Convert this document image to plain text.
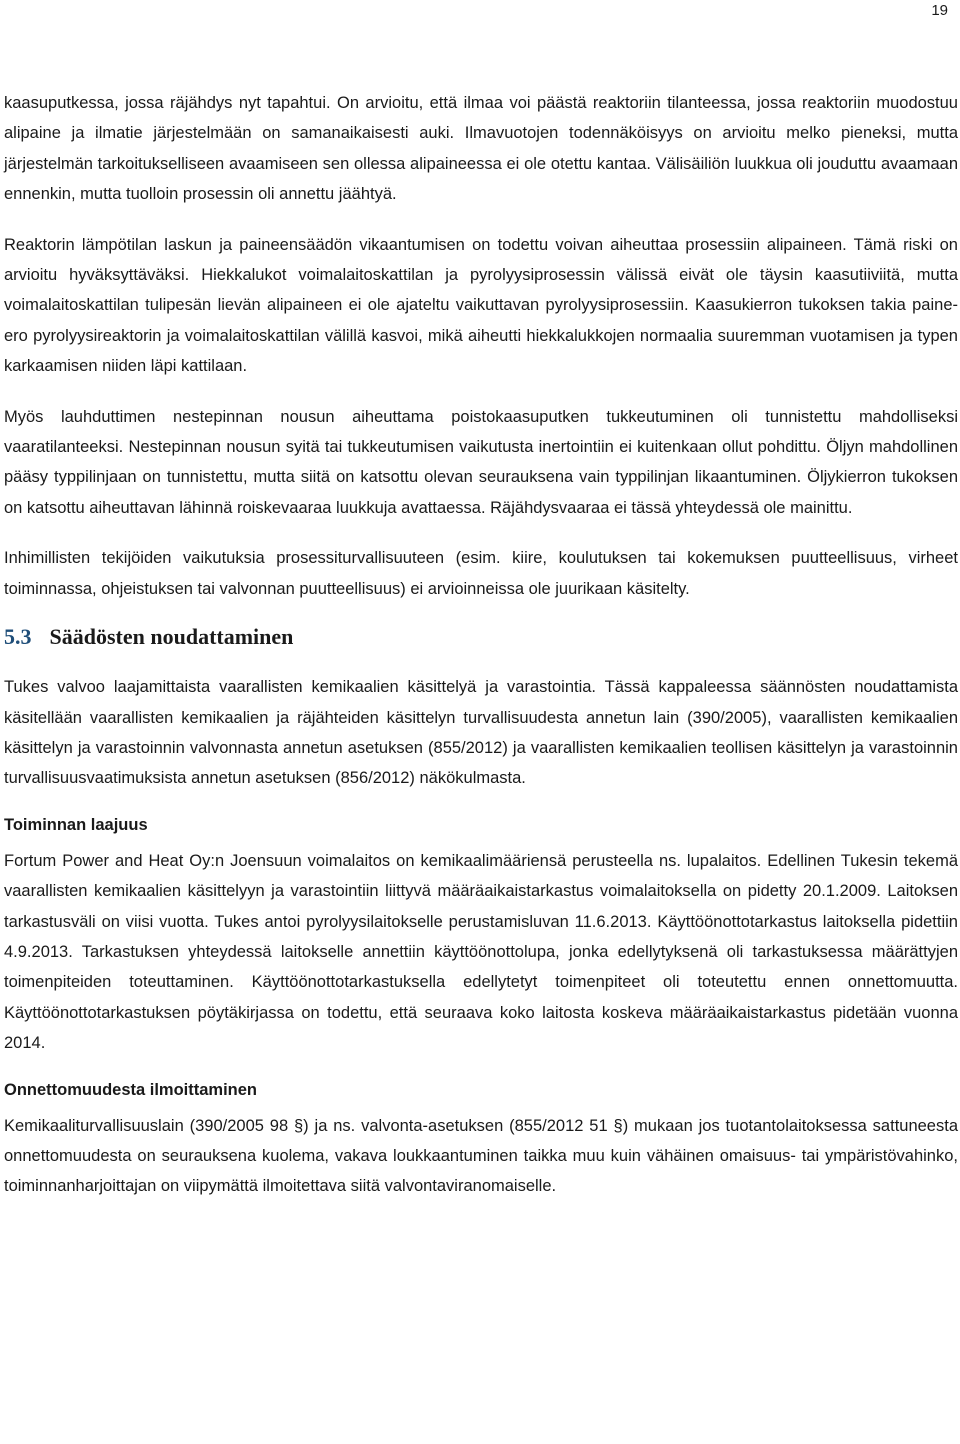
19

kaasuputkessa, jossa räjähdys nyt tapahtui. On arvioitu, että ilmaa voi päästä reaktoriin tilanteessa, jossa reaktoriin muodostuu alipaine ja ilmatie järjestelmään on samanaikaisesti auki. Ilmavuotojen todennäköisyys on arvioitu melko pieneksi, mutta järjestelmän tarkoitukselliseen avaamiseen sen ollessa alipaineessa ei ole otettu kantaa. Välisäiliön luukkua oli jouduttu avaamaan ennenkin, mutta tuolloin prosessin oli annettu jäähtyä.

Reaktorin lämpötilan laskun ja paineensäädön vikaantumisen on todettu voivan aiheuttaa prosessiin alipaineen. Tämä riski on arvioitu hyväksyttäväksi. Hiekkalukot voimalaitoskattilan ja pyrolyysiprosessin välissä eivät ole täysin kaasutiiviitä, mutta voimalaitoskattilan tulipesän lievän alipaineen ei ole ajateltu vaikuttavan pyrolyysiprosessiin. Kaasukierron tukoksen takia paine-ero pyrolyysireaktorin ja voimalaitoskattilan välillä kasvoi, mikä aiheutti hiekkalukkojen normaalia suuremman vuotamisen ja typen karkaamisen niiden läpi kattilaan.

Myös lauhduttimen nestepinnan nousun aiheuttama poistokaasuputken tukkeutuminen oli tunnistettu mahdolliseksi vaaratilanteeksi. Nestepinnan nousun syitä tai tukkeutumisen vaikutusta inertointiin ei kuitenkaan ollut pohdittu. Öljyn mahdollinen pääsy typpilinjaan on tunnistettu, mutta siitä on katsottu olevan seurauksena vain typpilinjan likaantuminen. Öljykierron tukoksen on katsottu aiheuttavan lähinnä roiskevaaraa luukkuja avattaessa. Räjähdysvaaraa ei tässä yhteydessä ole mainittu.

Inhimillisten tekijöiden vaikutuksia prosessiturvallisuuteen (esim. kiire, koulutuksen tai kokemuksen puutteellisuus, virheet toiminnassa, ohjeistuksen tai valvonnan puutteellisuus) ei arvioinneissa ole juurikaan käsitelty.

5.3 Säädösten noudattaminen

Tukes valvoo laajamittaista vaarallisten kemikaalien käsittelyä ja varastointia. Tässä kappaleessa säännösten noudattamista käsitellään vaarallisten kemikaalien ja räjähteiden käsittelyn turvallisuudesta annetun lain (390/2005), vaarallisten kemikaalien käsittelyn ja varastoinnin valvonnasta annetun asetuksen (855/2012) ja vaarallisten kemikaalien teollisen käsittelyn ja varastoinnin turvallisuusvaatimuksista annetun asetuksen (856/2012) näkökulmasta.

Toiminnan laajuus

Fortum Power and Heat Oy:n Joensuun voimalaitos on kemikaalimääriensä perusteella ns. lupalaitos. Edellinen Tukesin tekemä vaarallisten kemikaalien käsittelyyn ja varastointiin liittyvä määräaikaistarkastus voimalaitoksella on pidetty 20.1.2009. Laitoksen tarkastusväli on viisi vuotta. Tukes antoi pyrolyysilaitokselle perustamisluvan 11.6.2013. Käyttöönottotarkastus laitoksella pidettiin 4.9.2013. Tarkastuksen yhteydessä laitokselle annettiin käyttöönottolupa, jonka edellytyksenä oli tarkastuksessa määrättyjen toimenpiteiden toteuttaminen. Käyttöönottotarkastuksella edellytetyt toimenpiteet oli toteutettu ennen onnettomuutta. Käyttöönottotarkastuksen pöytäkirjassa on todettu, että seuraava koko laitosta koskeva määräaikaistarkastus pidetään vuonna 2014.

Onnettomuudesta ilmoittaminen

Kemikaaliturvallisuuslain (390/2005 98 §) ja ns. valvonta-asetuksen (855/2012 51 §) mukaan jos tuotantolaitoksessa sattuneesta onnettomuudesta on seurauksena kuolema, vakava loukkaantuminen taikka muu kuin vähäinen omaisuus- tai ympäristövahinko, toiminnanharjoittajan on viipymättä ilmoitettava siitä valvontaviranomaiselle.
